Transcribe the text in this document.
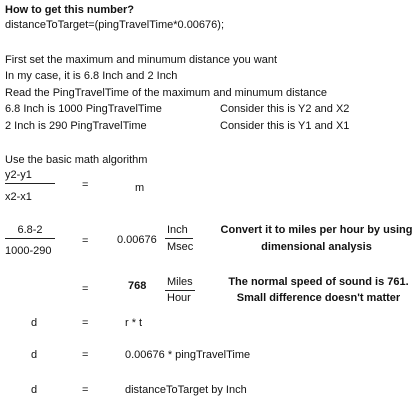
How to get this number?
distanceToTarget=(pingTravelTime*0.00676);
First set the maximum and minumum distance you want
In my case, it is 6.8 Inch and 2 Inch
Read the PingTravelTime of the maximum and minumum distance
6.8 Inch is 1000 PingTravelTime	Consider this is Y2 and X2
2 Inch is 290 PingTravelTime	Consider this is Y1 and X1
Use the basic math algorithm
y2-y1
x2-x1
=	m
6.8-2
1000-290
=	0.00676
Inch
Msec
Convert it to miles per hour by using
dimensional analysis
=	768 Miles
Hour
The normal speed of sound is 761.
Small difference doesn't matter
d	=	r * t
d	=	0.00676 * pingTravelTime
d	=	distanceToTarget by Inch
